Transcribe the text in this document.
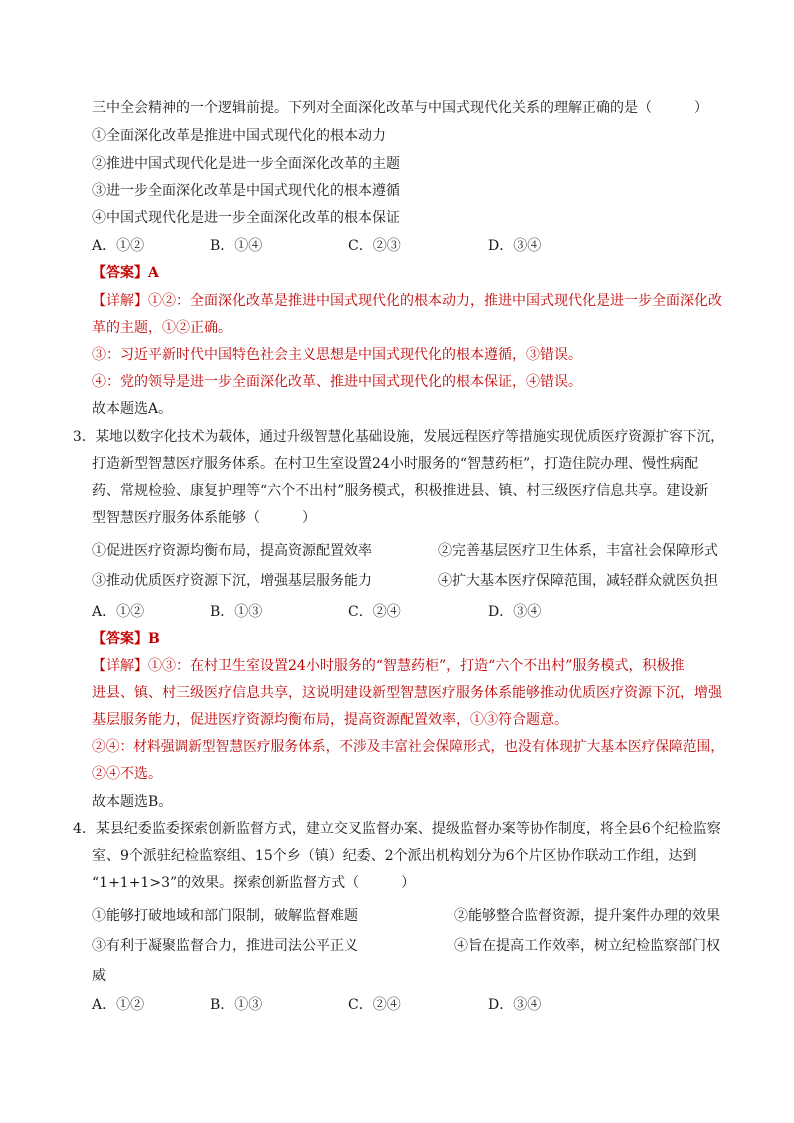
三中全会精神的一个逻辑前提。下列对全面深化改革与中国式现代化关系的理解正确的是（　　　）
①全面深化改革是推进中国式现代化的根本动力
②推进中国式现代化是进一步全面深化改革的主题
③进一步全面深化改革是中国式现代化的根本遵循
④中国式现代化是进一步全面深化改革的根本保证
A．①②	B．①④	C．②③	D．③④
【答案】A
【详解】①②：全面深化改革是推进中国式现代化的根本动力，推进中国式现代化是进一步全面深化改
革的主题，①②正确。
③：习近平新时代中国特色社会主义思想是中国式现代化的根本遵循，③错误。
④：党的领导是进一步全面深化改革、推进中国式现代化的根本保证，④错误。
故本题选A。
3．某地以数字化技术为载体，通过升级智慧化基础设施，发展远程医疗等措施实现优质医疗资源扩容下沉，
打造新型智慧医疗服务体系。在村卫生室设置24小时服务的“智慧药柜”，打造住院办理、慢性病配
药、常规检验、康复护理等“六个不出村”服务模式，积极推进县、镇、村三级医疗信息共享。建设新
型智慧医疗服务体系能够（　　　）
①促进医疗资源均衡布局，提高资源配置效率	②完善基层医疗卫生体系，丰富社会保障形式
③推动优质医疗资源下沉，增强基层服务能力	④扩大基本医疗保障范围，减轻群众就医负担
A．①②	B．①③	C．②④	D．③④
【答案】B
【详解】①③：在村卫生室设置24小时服务的“智慧药柜”，打造“六个不出村”服务模式，积极推
进县、镇、村三级医疗信息共享，这说明建设新型智慧医疗服务体系能够推动优质医疗资源下沉，增强
基层服务能力，促进医疗资源均衡布局，提高资源配置效率，①③符合题意。
②④：材料强调新型智慧医疗服务体系，不涉及丰富社会保障形式，也没有体现扩大基本医疗保障范围，
②④不选。
故本题选B。
4．某县纪委监委探索创新监督方式，建立交叉监督办案、提级监督办案等协作制度，将全县6个纪检监察
室、9个派驻纪检监察组、15个乡（镇）纪委、2个派出机构划分为6个片区协作联动工作组，达到
“1+1+1>3”的效果。探索创新监督方式（　　　）
①能够打破地域和部门限制，破解监督难题	②能够整合监督资源，提升案件办理的效果
③有利于凝聚监督合力，推进司法公平正义	④旨在提高工作效率，树立纪检监察部门权
威
A．①②	B．①③	C．②④	D．③④
